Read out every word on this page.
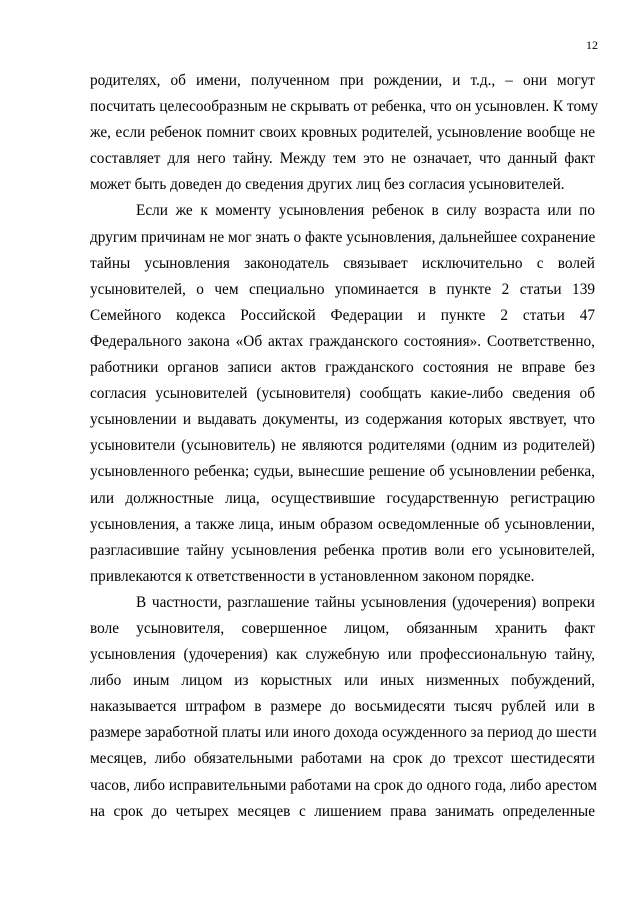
12
родителях, об имени, полученном при рождении, и т.д., – они могут
посчитать целесообразным не скрывать от ребенка, что он усыновлен. К тому
же, если ребенок помнит своих кровных родителей, усыновление вообще не
составляет для него тайну. Между тем это не означает, что данный факт
может быть доведен до сведения других лиц без согласия усыновителей.
Если же к моменту усыновления ребенок в силу возраста или по
другим причинам не мог знать о факте усыновления, дальнейшее сохранение
тайны усыновления законодатель связывает исключительно с волей
усыновителей, о чем специально упоминается в пункте 2 статьи 139
Семейного кодекса Российской Федерации и пункте 2 статьи 47
Федерального закона «Об актах гражданского состояния». Соответственно,
работники органов записи актов гражданского состояния не вправе без
согласия усыновителей (усыновителя) сообщать какие-либо сведения об
усыновлении и выдавать документы, из содержания которых явствует, что
усыновители (усыновитель) не являются родителями (одним из родителей)
усыновленного ребенка; судьи, вынесшие решение об усыновлении ребенка,
или должностные лица, осуществившие государственную регистрацию
усыновления, а также лица, иным образом осведомленные об усыновлении,
разгласившие тайну усыновления ребенка против воли его усыновителей,
привлекаются к ответственности в установленном законом порядке.
В частности, разглашение тайны усыновления (удочерения) вопреки
воле усыновителя, совершенное лицом, обязанным хранить факт
усыновления (удочерения) как служебную или профессиональную тайну,
либо иным лицом из корыстных или иных низменных побуждений,
наказывается штрафом в размере до восьмидесяти тысяч рублей или в
размере заработной платы или иного дохода осужденного за период до шести
месяцев, либо обязательными работами на срок до трехсот шестидесяти
часов, либо исправительными работами на срок до одного года, либо арестом
на срок до четырех месяцев с лишением права занимать определенные
